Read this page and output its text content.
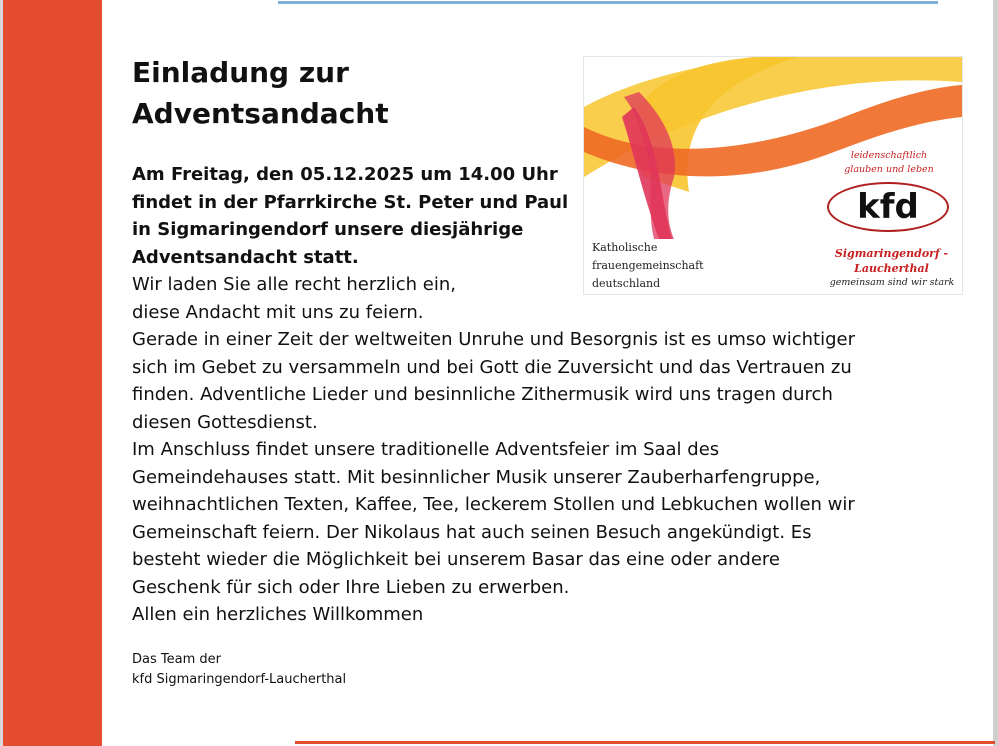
Einladung zur
Adventsandacht
Am Freitag, den 05.12.2025 um 14.00 Uhr
findet in der Pfarrkirche St. Peter und Paul
in Sigmaringendorf unsere diesjährige
Adventsandacht statt.
Wir laden Sie alle recht herzlich ein,
diese Andacht mit uns zu feiern.
Gerade in einer Zeit der weltweiten Unruhe und Besorgnis ist es umso wichtiger
sich im Gebet zu versammeln und bei Gott die Zuversicht und das Vertrauen zu
finden. Adventliche Lieder und besinnliche Zithermusik wird uns tragen durch
diesen Gottesdienst.
Im Anschluss findet unsere traditionelle Adventsfeier im Saal des
Gemeindehauses statt. Mit besinnlicher Musik unserer Zauberharfengruppe,
weihnachtlichen Texten, Kaffee, Tee, leckerem Stollen und Lebkuchen wollen wir
Gemeinschaft feiern. Der Nikolaus hat auch seinen Besuch angekündigt. Es
besteht wieder die Möglichkeit bei unserem Basar das eine oder andere
Geschenk für sich oder Ihre Lieben zu erwerben.
Allen ein herzliches Willkommen
Das Team der
kfd Sigmaringendorf-Laucherthal
Katholische
frauengemeinschaft
deutschland
leidenschaftlich
glauben und leben
kfd
Sigmaringendorf -
Laucherthal
gemeinsam sind wir stark
